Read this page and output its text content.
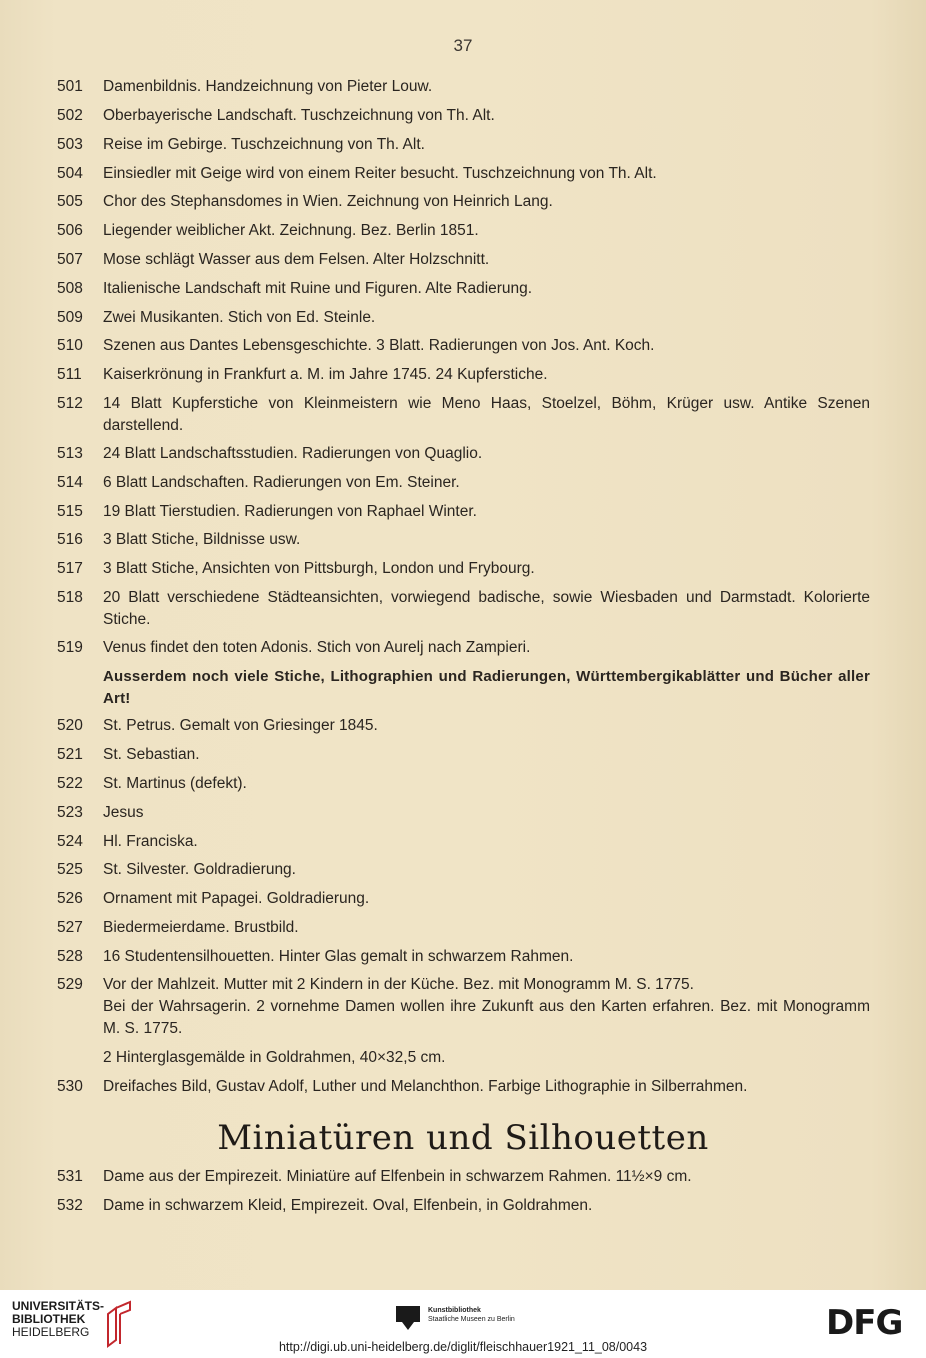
37
501 Damenbildnis. Handzeichnung von Pieter Louw.
502 Oberbayerische Landschaft. Tuschzeichnung von Th. Alt.
503 Reise im Gebirge. Tuschzeichnung von Th. Alt.
504 Einsiedler mit Geige wird von einem Reiter besucht. Tuschzeichnung von Th. Alt.
505 Chor des Stephansdomes in Wien. Zeichnung von Heinrich Lang.
506 Liegender weiblicher Akt. Zeichnung. Bez. Berlin 1851.
507 Mose schlägt Wasser aus dem Felsen. Alter Holzschnitt.
508 Italienische Landschaft mit Ruine und Figuren. Alte Radierung.
509 Zwei Musikanten. Stich von Ed. Steinle.
510 Szenen aus Dantes Lebensgeschichte. 3 Blatt. Radierungen von Jos. Ant. Koch.
511	Kaiserkrönung in Frankfurt a. M. im Jahre 1745. 24 Kupferstiche.
512 14 Blatt Kupferstiche von Kleinmeistern wie Meno Haas, Stoelzel, Böhm, Krüger usw. Antike Szenen darstellend.
513 24 Blatt Landschaftsstudien. Radierungen von Quaglio.
514 6 Blatt Landschaften. Radierungen von Em. Steiner.
515 19 Blatt Tierstudien. Radierungen von Raphael Winter.
516 3 Blatt Stiche, Bildnisse usw.
517 3 Blatt Stiche, Ansichten von Pittsburgh, London und Frybourg.
518 20 Blatt verschiedene Städteansichten, vorwiegend badische, sowie Wiesbaden und Darmstadt. Kolorierte Stiche.
519 Venus findet den toten Adonis. Stich von Aurelj nach Zampieri.
Ausserdem noch viele Stiche, Lithographien und Radierungen, Württembergikablätter und Bücher aller Art!
520 St. Petrus. Gemalt von Griesinger 1845.
521 St. Sebastian.
522 St. Martinus (defekt).
523 Jesus
524 Hl. Franciska.
525 St. Silvester. Goldradierung.
526 Ornament mit Papagei. Goldradierung.
527 Biedermeierdame. Brustbild.
528 16 Studentensilhouetten. Hinter Glas gemalt in schwarzem Rahmen.
529 Vor der Mahlzeit. Mutter mit 2 Kindern in der Küche. Bez. mit Monogramm M. S. 1775.
Bei der Wahrsagerin. 2 vornehme Damen wollen ihre Zukunft aus den Karten erfahren. Bez. mit Monogramm M. S. 1775.
2 Hinterglasgemälde in Goldrahmen, 40×32,5 cm.
530 Dreifaches Bild, Gustav Adolf, Luther und Melanchthon. Farbige Lithographie in Silberrahmen.
Miniatüren und Silhouetten
531 Dame aus der Empirezeit. Miniatüre auf Elfenbein in schwarzem Rahmen. 11½×9 cm.
532 Dame in schwarzem Kleid, Empirezeit. Oval, Elfenbein, in Goldrahmen.
UNIVERSITÄTS-
BIBLIOTHEK
HEIDELBERG
Kunstbibliothek
Staatliche Museen zu Berlin	DFG
http://digi.ub.uni-heidelberg.de/diglit/fleischhauer1921_11_08/0043
